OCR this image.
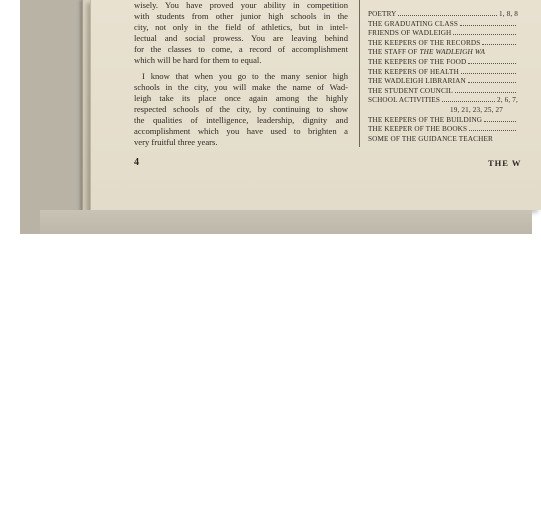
wisely. You have proved your ability in competition
with students from other junior high schools in the
city, not only in the field of athletics, but in intel-
lectual and social prowess. You are leaving behind
for the classes to come, a record of accomplishment
which will be hard for them to equal.
I know that when you go to the many senior high
schools in the city, you will make the name of Wad-
leigh take its place once again among the highly
respected schools of the city, by continuing to show
the qualities of intelligence, leadership, dignity and
accomplishment which you have used to brighten a
very fruitful three years.
4
POETRY	1, 8, 8
THE GRADUATING CLASS
FRIENDS OF WADLEIGH
THE KEEPERS OF THE RECORDS
THE STAFF OF THE WADLEIGH WA
THE KEEPERS OF THE FOOD
THE KEEPERS OF HEALTH
THE WADLEIGH LIBRARIAN
THE STUDENT COUNCIL
SCHOOL ACTIVITIES	2, 6, 7,
19, 21, 23, 25, 27
THE KEEPERS OF THE BUILDING
THE KEEPER OF THE BOOKS
SOME OF THE GUIDANCE TEACHER
THE W
